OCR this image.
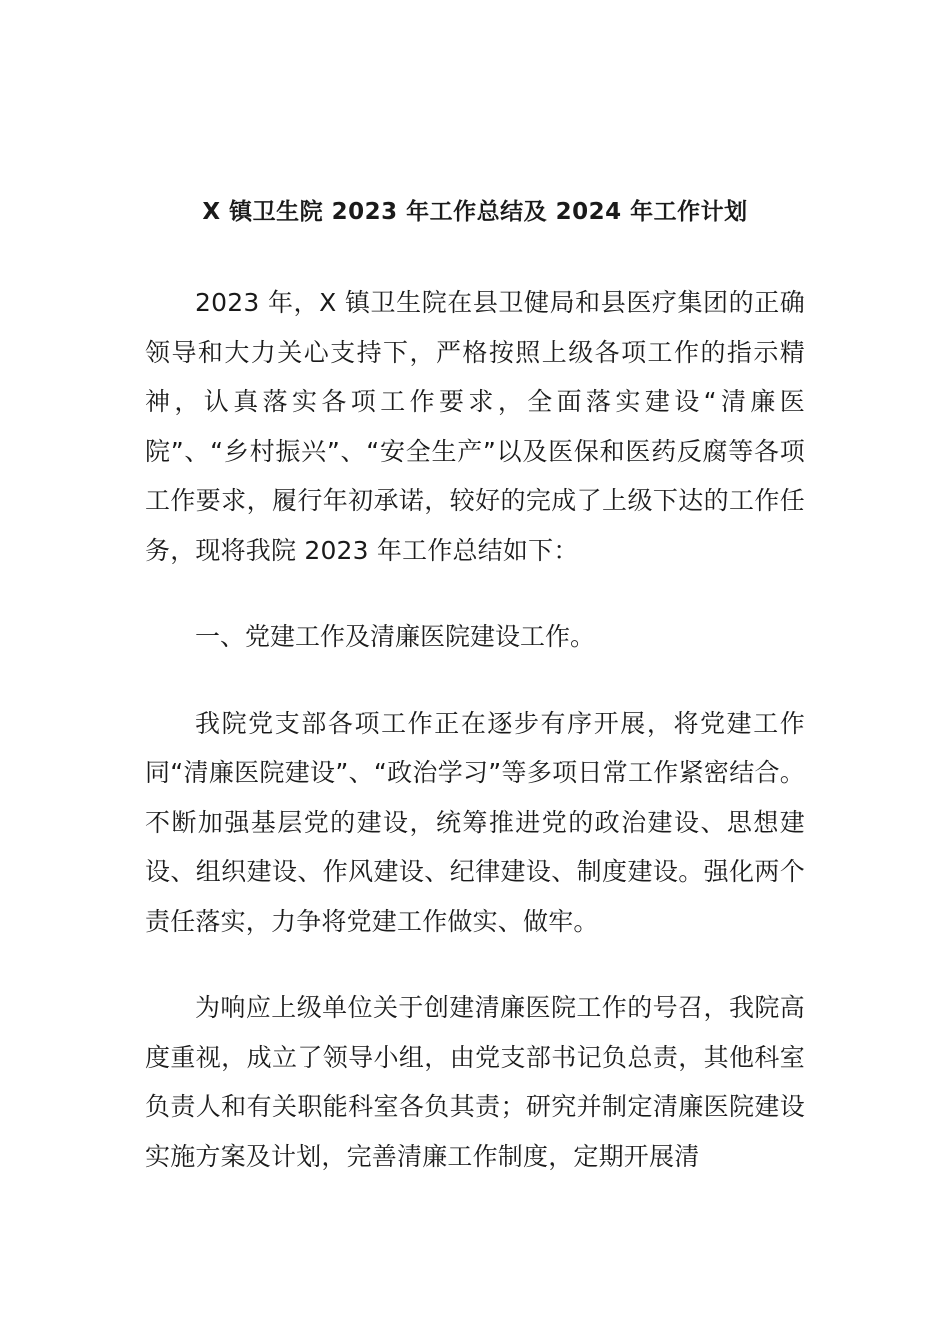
X 镇卫生院 2023 年工作总结及 2024 年工作计划

2023 年，X 镇卫生院在县卫健局和县医疗集团的正确领导和大力关心支持下，严格按照上级各项工作的指示精神，认真落实各项工作要求，全面落实建设“清廉医院”、“乡村振兴”、“安全生产”以及医保和医药反腐等各项工作要求，履行年初承诺，较好的完成了上级下达的工作任务，现将我院 2023 年工作总结如下：

一、党建工作及清廉医院建设工作。

我院党支部各项工作正在逐步有序开展，将党建工作同“清廉医院建设”、“政治学习”等多项日常工作紧密结合。不断加强基层党的建设，统筹推进党的政治建设、思想建设、组织建设、作风建设、纪律建设、制度建设。强化两个责任落实，力争将党建工作做实、做牢。

为响应上级单位关于创建清廉医院工作的号召，我院高度重视，成立了领导小组，由党支部书记负总责，其他科室负责人和有关职能科室各负其责；研究并制定清廉医院建设实施方案及计划，完善清廉工作制度，定期开展清
